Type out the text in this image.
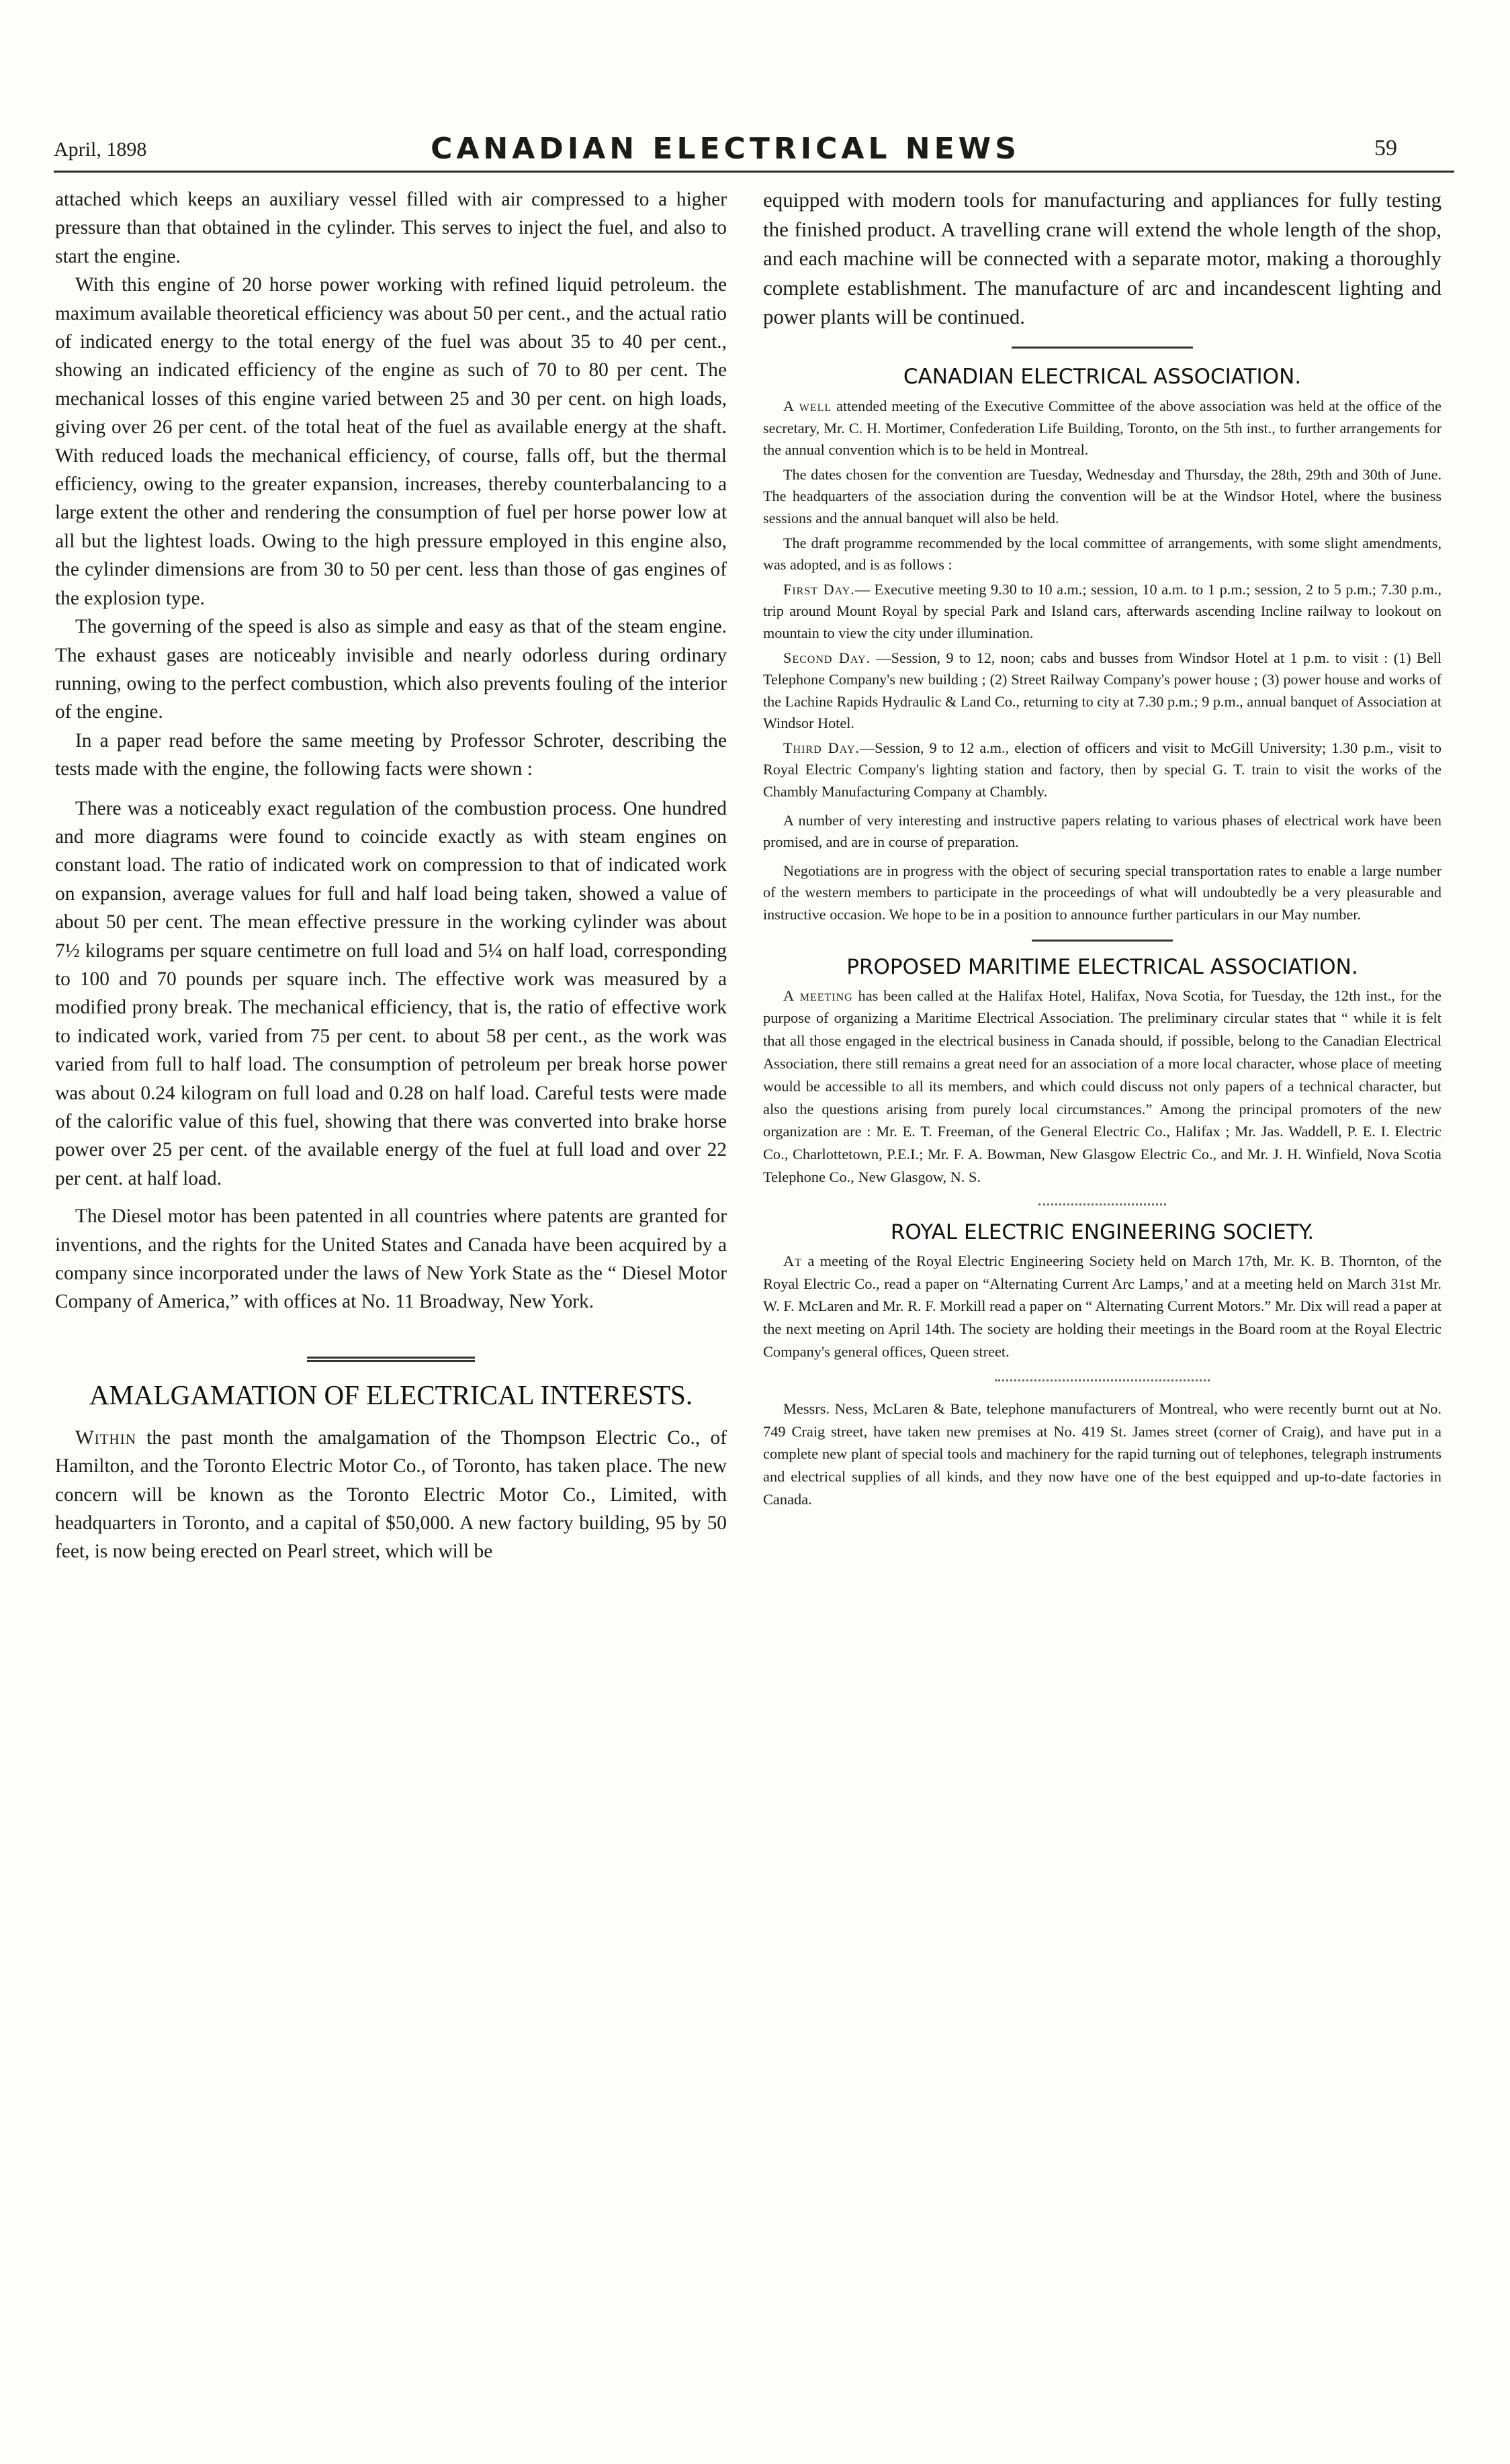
April, 1898	CANADIAN ELECTRICAL NEWS	59

attached which keeps an auxiliary vessel filled with air compressed to a higher pressure than that obtained in the cylinder. This serves to inject the fuel, and also to start the engine.

With this engine of 20 horse power working with refined liquid petroleum. the maximum available theoretical efficiency was about 50 per cent., and the actual ratio of indicated energy to the total energy of the fuel was about 35 to 40 per cent., showing an indicated efficiency of the engine as such of 70 to 80 per cent. The mechanical losses of this engine varied between 25 and 30 per cent. on high loads, giving over 26 per cent. of the total heat of the fuel as available energy at the shaft. With reduced loads the mechanical efficiency, of course, falls off, but the thermal efficiency, owing to the greater expansion, increases, thereby counterbalancing to a large extent the other and rendering the consumption of fuel per horse power low at all but the lightest loads. Owing to the high pressure employed in this engine also, the cylinder dimensions are from 30 to 50 per cent. less than those of gas engines of the explosion type.

The governing of the speed is also as simple and easy as that of the steam engine. The exhaust gases are noticeably invisible and nearly odorless during ordinary running, owing to the perfect combustion, which also prevents fouling of the interior of the engine.

In a paper read before the same meeting by Professor Schroter, describing the tests made with the engine, the following facts were shown :

There was a noticeably exact regulation of the combustion process. One hundred and more diagrams were found to coincide exactly as with steam engines on constant load. The ratio of indicated work on compression to that of indicated work on expansion, average values for full and half load being taken, showed a value of about 50 per cent. The mean effective pressure in the working cylinder was about 7½ kilograms per square centimetre on full load and 5¼ on half load, corresponding to 100 and 70 pounds per square inch. The effective work was measured by a modified prony break. The mechanical efficiency, that is, the ratio of effective work to indicated work, varied from 75 per cent. to about 58 per cent., as the work was varied from full to half load. The consumption of petroleum per break horse power was about 0.24 kilogram on full load and 0.28 on half load. Careful tests were made of the calorific value of this fuel, showing that there was converted into brake horse power over 25 per cent. of the available energy of the fuel at full load and over 22 per cent. at half load.

The Diesel motor has been patented in all countries where patents are granted for inventions, and the rights for the United States and Canada have been acquired by a company since incorporated under the laws of New York State as the “ Diesel Motor Company of America,” with offices at No. 11 Broadway, New York.

AMALGAMATION OF ELECTRICAL INTERESTS.

Within the past month the amalgamation of the Thompson Electric Co., of Hamilton, and the Toronto Electric Motor Co., of Toronto, has taken place. The new concern will be known as the Toronto Electric Motor Co., Limited, with headquarters in Toronto, and a capital of $50,000. A new factory building, 95 by 50 feet, is now being erected on Pearl street, which will be

equipped with modern tools for manufacturing and appliances for fully testing the finished product. A travelling crane will extend the whole length of the shop, and each machine will be connected with a separate motor, making a thoroughly complete establishment. The manufacture of arc and incandescent lighting and power plants will be continued.

CANADIAN ELECTRICAL ASSOCIATION.

A well attended meeting of the Executive Committee of the above association was held at the office of the secretary, Mr. C. H. Mortimer, Confederation Life Building, Toronto, on the 5th inst., to further arrangements for the annual convention which is to be held in Montreal.

The dates chosen for the convention are Tuesday, Wednesday and Thursday, the 28th, 29th and 30th of June. The headquarters of the association during the convention will be at the Windsor Hotel, where the business sessions and the annual banquet will also be held.

The draft programme recommended by the local committee of arrangements, with some slight amendments, was adopted, and is as follows :

First Day.— Executive meeting 9.30 to 10 a.m.; session, 10 a.m. to 1 p.m.; session, 2 to 5 p.m.; 7.30 p.m., trip around Mount Royal by special Park and Island cars, afterwards ascending Incline railway to lookout on mountain to view the city under illumination.

Second Day. —Session, 9 to 12, noon; cabs and busses from Windsor Hotel at 1 p.m. to visit : (1) Bell Telephone Company's new building ; (2) Street Railway Company's power house ; (3) power house and works of the Lachine Rapids Hydraulic & Land Co., returning to city at 7.30 p.m.; 9 p.m., annual banquet of Association at Windsor Hotel.

Third Day.—Session, 9 to 12 a.m., election of officers and visit to McGill University; 1.30 p.m., visit to Royal Electric Company's lighting station and factory, then by special G. T. train to visit the works of the Chambly Manufacturing Company at Chambly.

A number of very interesting and instructive papers relating to various phases of electrical work have been promised, and are in course of preparation.

Negotiations are in progress with the object of securing special transportation rates to enable a large number of the western members to participate in the proceedings of what will undoubtedly be a very pleasurable and instructive occasion. We hope to be in a position to announce further particulars in our May number.

PROPOSED MARITIME ELECTRICAL ASSOCIATION.

A meeting has been called at the Halifax Hotel, Halifax, Nova Scotia, for Tuesday, the 12th inst., for the purpose of organizing a Maritime Electrical Association. The preliminary circular states that “ while it is felt that all those engaged in the electrical business in Canada should, if possible, belong to the Canadian Electrical Association, there still remains a great need for an association of a more local character, whose place of meeting would be accessible to all its members, and which could discuss not only papers of a technical character, but also the questions arising from purely local circumstances.” Among the principal promoters of the new organization are : Mr. E. T. Freeman, of the General Electric Co., Halifax ; Mr. Jas. Waddell, P. E. I. Electric Co., Charlottetown, P.E.I.; Mr. F. A. Bowman, New Glasgow Electric Co., and Mr. J. H. Winfield, Nova Scotia Telephone Co., New Glasgow, N. S.

ROYAL ELECTRIC ENGINEERING SOCIETY.

At a meeting of the Royal Electric Engineering Society held on March 17th, Mr. K. B. Thornton, of the Royal Electric Co., read a paper on “Alternating Current Arc Lamps,’ and at a meeting held on March 31st Mr. W. F. McLaren and Mr. R. F. Morkill read a paper on “ Alternating Current Motors.” Mr. Dix will read a paper at the next meeting on April 14th. The society are holding their meetings in the Board room at the Royal Electric Company's general offices, Queen street.

Messrs. Ness, McLaren & Bate, telephone manufacturers of Montreal, who were recently burnt out at No. 749 Craig street, have taken new premises at No. 419 St. James street (corner of Craig), and have put in a complete new plant of special tools and machinery for the rapid turning out of telephones, telegraph instruments and electrical supplies of all kinds, and they now have one of the best equipped and up-to-date factories in Canada.
